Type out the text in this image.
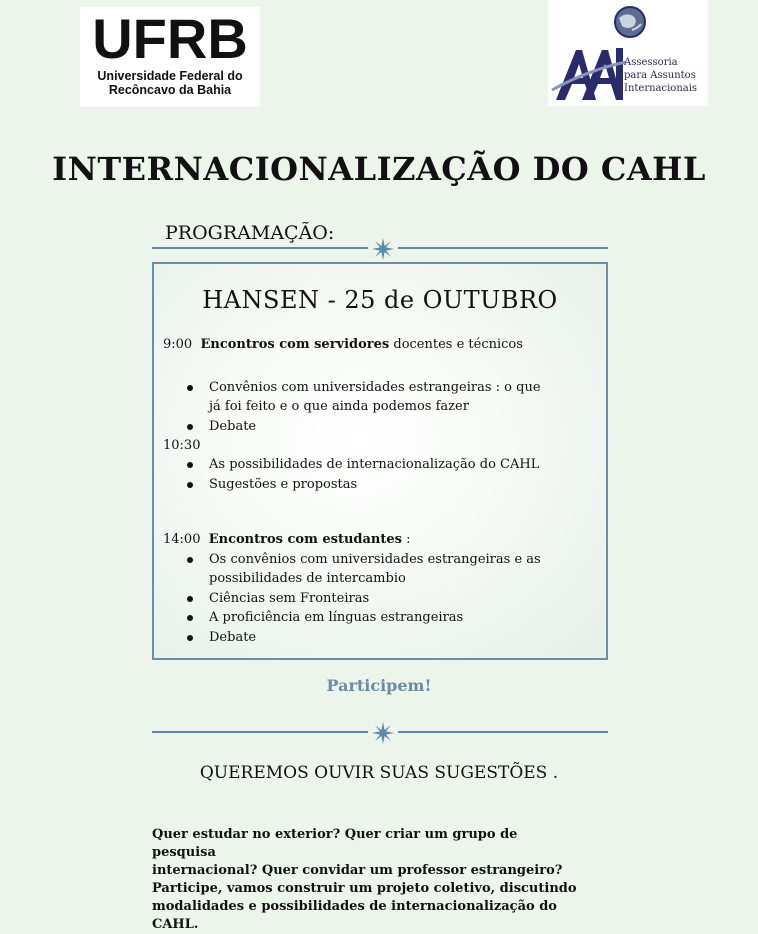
UFRB
Universidade Federal do
Recôncavo da Bahia
Assessoria
para Assuntos
Internacionais
INTERNACIONALIZAÇÃO DO CAHL
PROGRAMAÇÃO:
HANSEN - 25 de OUTUBRO
9:00 Encontros com servidores docentes e técnicos
Convênios com universidades estrangeiras : o que
já foi feito e o que ainda podemos fazer
Debate
10:30
As possibilidades de internacionalização do CAHL
Sugestões e propostas
14:00 Encontros com estudantes :
Os convênios com universidades estrangeiras e as
possibilidades de intercambio
Ciências sem Fronteiras
A proficiência em línguas estrangeiras
Debate
Participem!
QUEREMOS OUVIR SUAS SUGESTÕES .
Quer estudar no exterior? Quer criar um grupo de pesquisa
internacional? Quer convidar um professor estrangeiro?
Participe, vamos construir um projeto coletivo, discutindo
modalidades e possibilidades de internacionalização do
CAHL.
